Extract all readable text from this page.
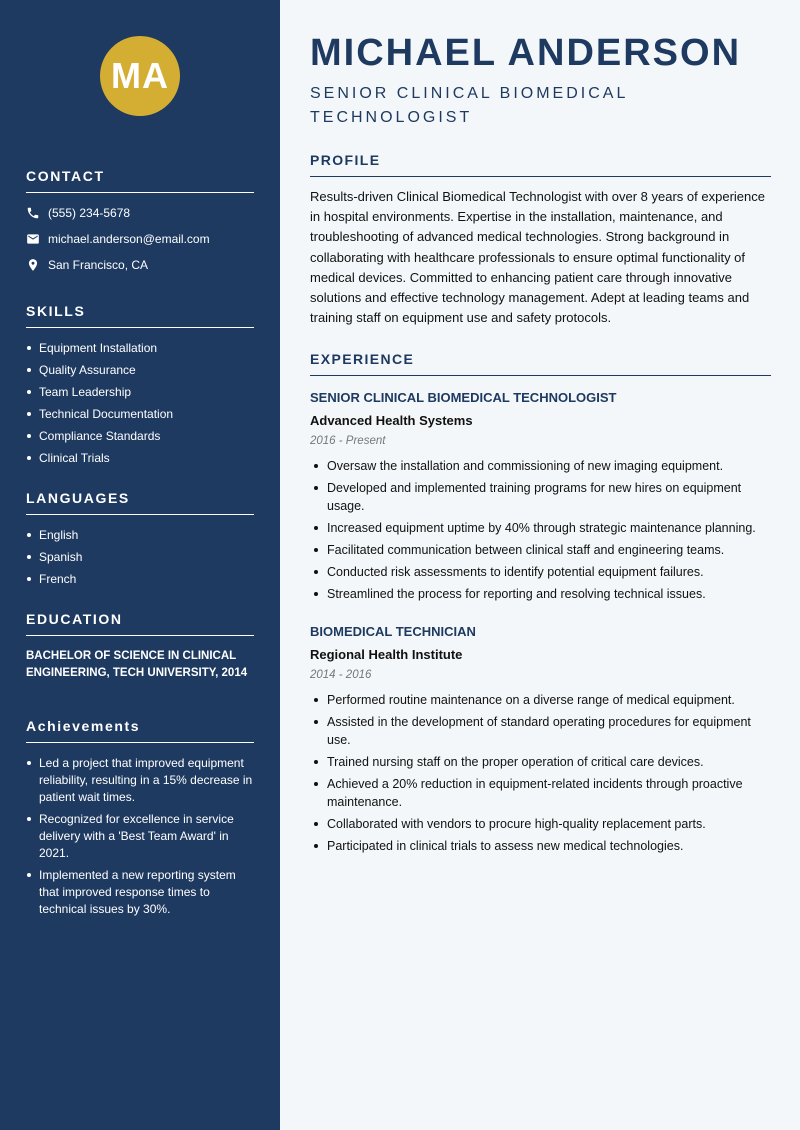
MA
CONTACT
(555) 234-5678
michael.anderson@email.com
San Francisco, CA
SKILLS
Equipment Installation
Quality Assurance
Team Leadership
Technical Documentation
Compliance Standards
Clinical Trials
LANGUAGES
English
Spanish
French
EDUCATION
BACHELOR OF SCIENCE IN CLINICAL ENGINEERING, TECH UNIVERSITY, 2014
Achievements
Led a project that improved equipment reliability, resulting in a 15% decrease in patient wait times.
Recognized for excellence in service delivery with a 'Best Team Award' in 2021.
Implemented a new reporting system that improved response times to technical issues by 30%.
MICHAEL ANDERSON
SENIOR CLINICAL BIOMEDICAL TECHNOLOGIST
PROFILE
Results-driven Clinical Biomedical Technologist with over 8 years of experience in hospital environments. Expertise in the installation, maintenance, and troubleshooting of advanced medical technologies. Strong background in collaborating with healthcare professionals to ensure optimal functionality of medical devices. Committed to enhancing patient care through innovative solutions and effective technology management. Adept at leading teams and training staff on equipment use and safety protocols.
EXPERIENCE
SENIOR CLINICAL BIOMEDICAL TECHNOLOGIST
Advanced Health Systems
2016 - Present
Oversaw the installation and commissioning of new imaging equipment.
Developed and implemented training programs for new hires on equipment usage.
Increased equipment uptime by 40% through strategic maintenance planning.
Facilitated communication between clinical staff and engineering teams.
Conducted risk assessments to identify potential equipment failures.
Streamlined the process for reporting and resolving technical issues.
BIOMEDICAL TECHNICIAN
Regional Health Institute
2014 - 2016
Performed routine maintenance on a diverse range of medical equipment.
Assisted in the development of standard operating procedures for equipment use.
Trained nursing staff on the proper operation of critical care devices.
Achieved a 20% reduction in equipment-related incidents through proactive maintenance.
Collaborated with vendors to procure high-quality replacement parts.
Participated in clinical trials to assess new medical technologies.
